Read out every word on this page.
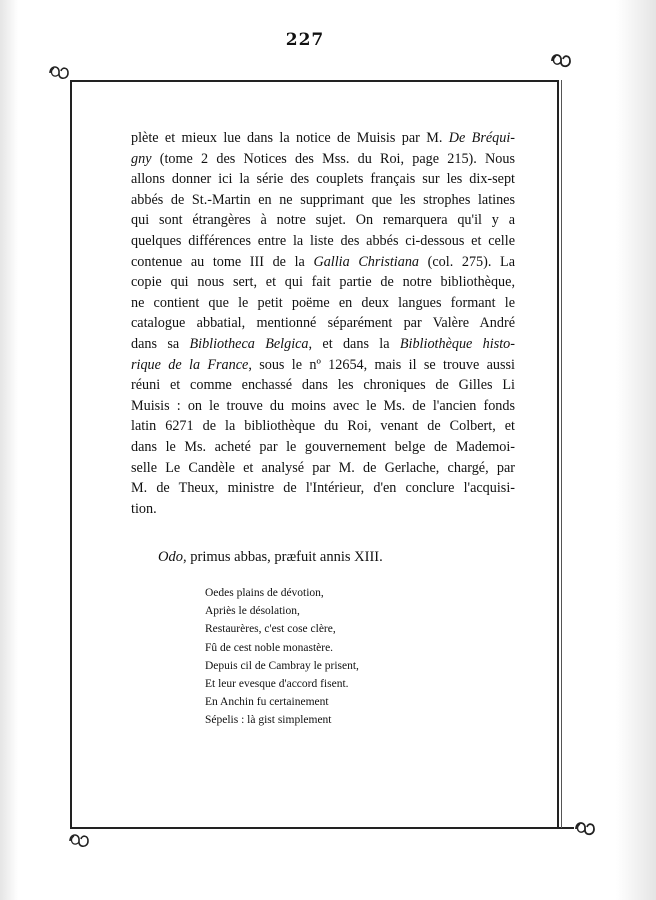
227
plète et mieux lue dans la notice de Muisis par M. De Bréqui-
gny (tome 2 des Notices des Mss. du Roi, page 215). Nous
allons donner ici la série des couplets français sur les dix-sept
abbés de St.-Martin en ne supprimant que les strophes latines
qui sont étrangères à notre sujet. On remarquera qu'il y a
quelques différences entre la liste des abbés ci-dessous et celle
contenue au tome III de la Gallia Christiana (col. 275). La
copie qui nous sert, et qui fait partie de notre bibliothèque,
ne contient que le petit poëme en deux langues formant le
catalogue abbatial, mentionné séparément par Valère André
dans sa Bibliotheca Belgica, et dans la Bibliothèque histo-
rique de la France, sous le nº 12654, mais il se trouve aussi
réuni et comme enchassé dans les chroniques de Gilles Li
Muisis : on le trouve du moins avec le Ms. de l'ancien fonds
latin 6271 de la bibliothèque du Roi, venant de Colbert, et
dans le Ms. acheté par le gouvernement belge de Mademoi-
selle Le Candèle et analysé par M. de Gerlache, chargé, par
M. de Theux, ministre de l'Intérieur, d'en conclure l'acquisi-
tion.
Odo, primus abbas, præfuit annis XIII.
Oedes plains de dévotion,
Apriès le désolation,
Restaurères, c'est cose clère,
Fû de cest noble monastère.
Depuis cil de Cambray le prisent,
Et leur evesque d'accord fisent.
En Anchin fu certainement
Sépelis : là gist simplement
